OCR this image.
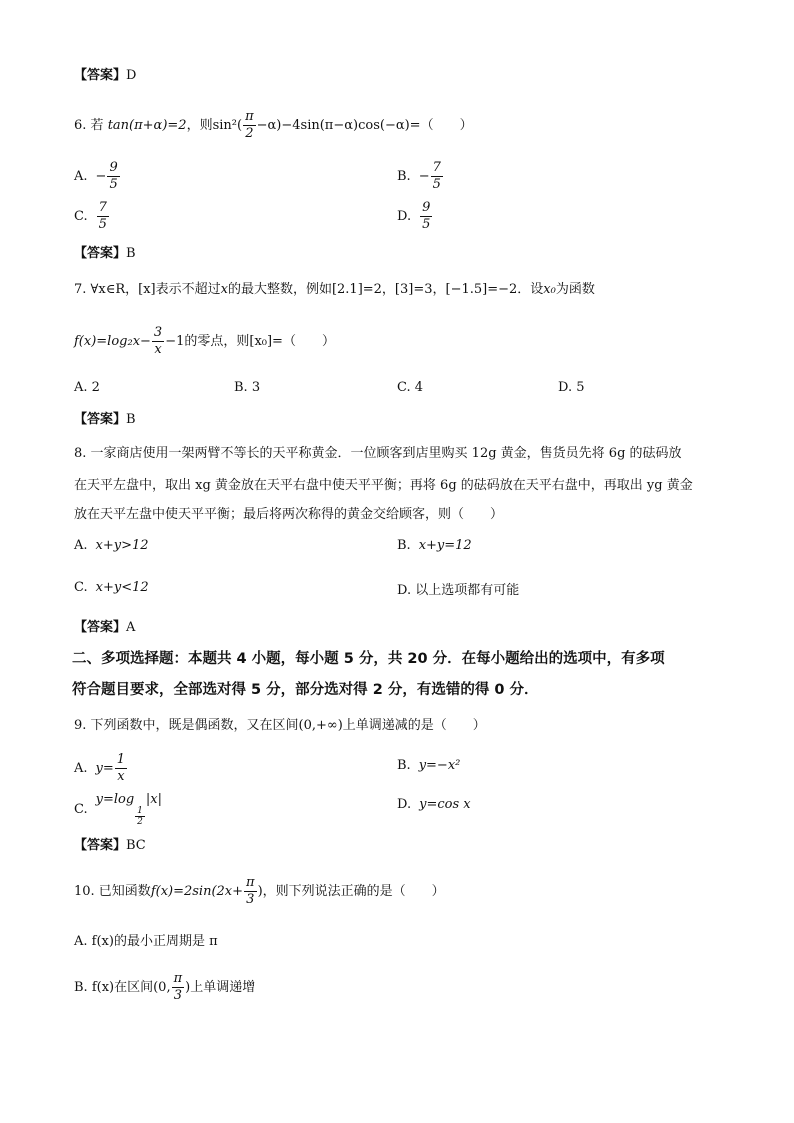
【答案】D
6. 若 tan(π+α)=2，则$\sin^2( \frac{\pi}{2} -\alpha)-4\sin(\pi-\alpha)\cos(-\alpha)=$（　　）
A. − $\frac{9}{5}$	B. − $\frac{7}{5}$
C. $\frac{7}{5}$	D. $\frac{9}{5}$
【答案】B
7. ∀x∈R，[x]表示不超过x的最大整数，例如[2.1]=2，[3]=3，[−1.5]=−2．设x₀为函数
$f(x)=\log_2x- \frac{3}{x} -1$的零点，则[x₀]=（　　）
A. 2	B. 3	C. 4	D. 5
【答案】B
8. 一家商店使用一架两臂不等长的天平称黄金．一位顾客到店里购买 12g 黄金，售货员先将 6g 的砝码放
在天平左盘中，取出 xg 黄金放在天平右盘中使天平平衡；再将 6g 的砝码放在天平右盘中，再取出 yg 黄金
放在天平左盘中使天平平衡；最后将两次称得的黄金交给顾客，则（　　）
A. x+y>12	B. x+y=12
C. x+y<12	D. 以上选项都有可能
【答案】A
二、多项选择题：本题共 4 小题，每小题 5 分，共 20 分．在每小题给出的选项中，有多项
符合题目要求，全部选对得 5 分，部分选对得 2 分，有选错的得 0 分．
9. 下列函数中，既是偶函数，又在区间(0,+∞)上单调递减的是（　　）
A. $y= \frac{1}{x}$	B. y=−x²
C.
y=log
$\frac{1}{2}$
|x|	D. y=cos x
【答案】BC
10. 已知函数$f(x)=2\sin(2x+ \frac{\pi}{3}$ )，则下列说法正确的是（　　）
A. f(x)的最小正周期是 π
B. f(x)在区间(0, $\frac{\pi}{3}$ )上单调递增
